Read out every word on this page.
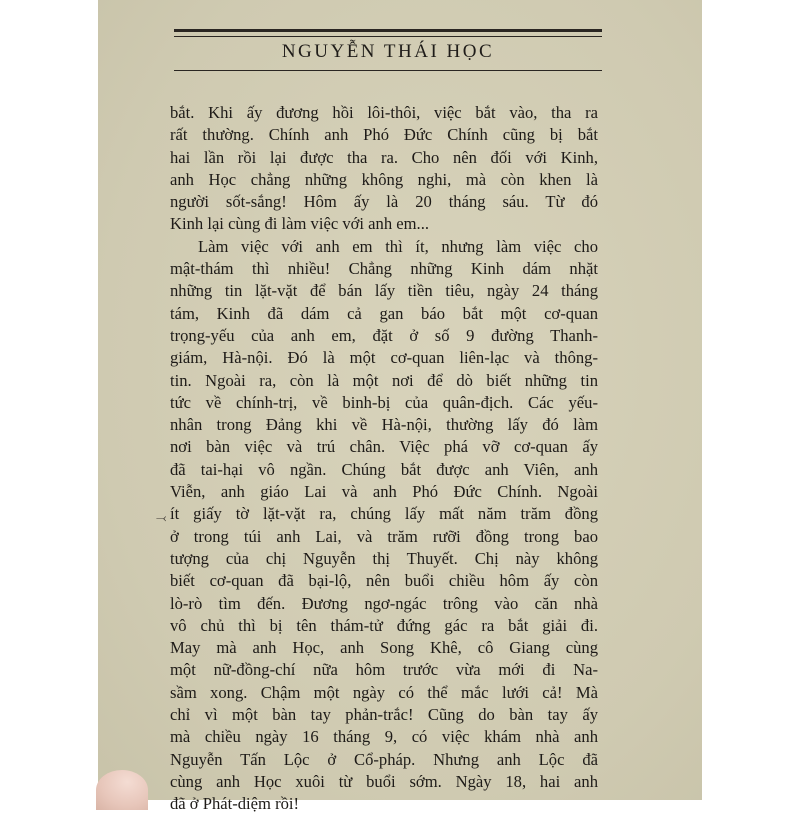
NGUYỄN THÁI HỌC
bắt. Khi ấy đương hồi lôi-thôi, việc bắt vào, tha ra
rất thường. Chính anh Phó Đức Chính cũng bị bắt
hai lần rồi lại được tha ra. Cho nên đối với Kinh,
anh Học chẳng những không nghi, mà còn khen là
người sốt-sắng! Hôm ấy là 20 tháng sáu. Từ đó
Kinh lại cùng đi làm việc với anh em...
Làm việc với anh em thì ít, nhưng làm việc cho
mật-thám thì nhiều! Chẳng những Kinh dám nhặt
những tin lặt-vặt để bán lấy tiền tiêu, ngày 24 tháng
tám, Kinh đã dám cả gan báo bắt một cơ-quan
trọng-yếu của anh em, đặt ở số 9 đường Thanh-
giám, Hà-nội. Đó là một cơ-quan liên-lạc và thông-
tin. Ngoài ra, còn là một nơi để dò biết những tin
tức về chính-trị, về binh-bị của quân-địch. Các yếu-
nhân trong Đảng khi về Hà-nội, thường lấy đó làm
nơi bàn việc và trú chân. Việc phá vỡ cơ-quan ấy
đã tai-hại vô ngần. Chúng bắt được anh Viên, anh
Viễn, anh giáo Lai và anh Phó Đức Chính. Ngoài
ít giấy tờ lặt-vặt ra, chúng lấy mất năm trăm đồng
ở trong túi anh Lai, và trăm rưỡi đồng trong bao
tượng của chị Nguyễn thị Thuyết. Chị này không
biết cơ-quan đã bại-lộ, nên buổi chiều hôm ấy còn
lò-rò tìm đến. Đương ngơ-ngác trông vào căn nhà
vô chủ thì bị tên thám-tử đứng gác ra bắt giải đi.
May mà anh Học, anh Song Khê, cô Giang cùng
một nữ-đồng-chí nữa hôm trước vừa mới đi Na-
sầm xong. Chậm một ngày có thể mắc lưới cả! Mà
chỉ vì một bàn tay phản-trắc! Cũng do bàn tay ấy
mà chiều ngày 16 tháng 9, có việc khám nhà anh
Nguyễn Tấn Lộc ở Cổ-pháp. Nhưng anh Lộc đã
cùng anh Học xuôi từ buổi sớm. Ngày 18, hai anh
đã ở Phát-diệm rồi!
⤙
